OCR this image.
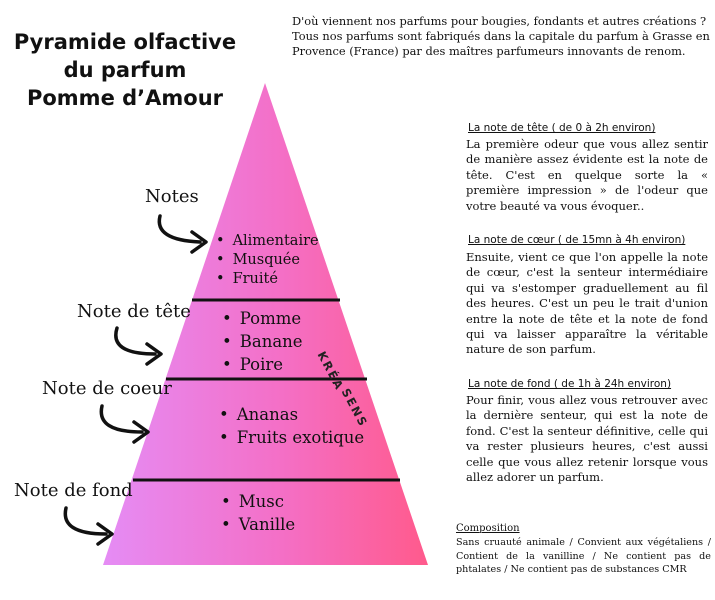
Pyramide olfactive
du parfum
Pomme d’Amour
D'où viennent nos parfums pour bougies, fondants et autres créations ?
Tous nos parfums sont fabriqués dans la capitale du parfum à Grasse en
Provence (France) par des maîtres parfumeurs innovants de renom.
Notes
Note de tête
Note de coeur
Note de fond
• Alimentaire
• Musquée
• Fruité
• Pomme
• Banane
• Poire
• Ananas
• Fruits exotique
• Musc
• Vanille
KRÉA
SENS
La note de tête ( de 0 à 2h environ)
La première odeur que vous allez sentir de manière assez évidente est la note de tête. C'est en quelque sorte la « première impression » de l'odeur que votre beauté va vous évoquer..
La note de cœur ( de 15mn à 4h environ)
Ensuite, vient ce que l'on appelle la note de cœur, c'est la senteur intermédiaire qui va s'estomper graduellement au fil des heures. C'est un peu le trait d'union entre la note de tête et la note de fond qui va laisser apparaître la véritable nature de son parfum.
La note de fond ( de 1h à 24h environ)
Pour finir, vous allez vous retrouver avec la dernière senteur, qui est la note de fond. C'est la senteur définitive, celle qui va rester plusieurs heures, c'est aussi celle que vous allez retenir lorsque vous allez adorer un parfum.
Composition
Sans cruauté animale / Convient aux végétaliens / Contient de la vanilline / Ne contient pas de phtalates / Ne contient pas de substances CMR
